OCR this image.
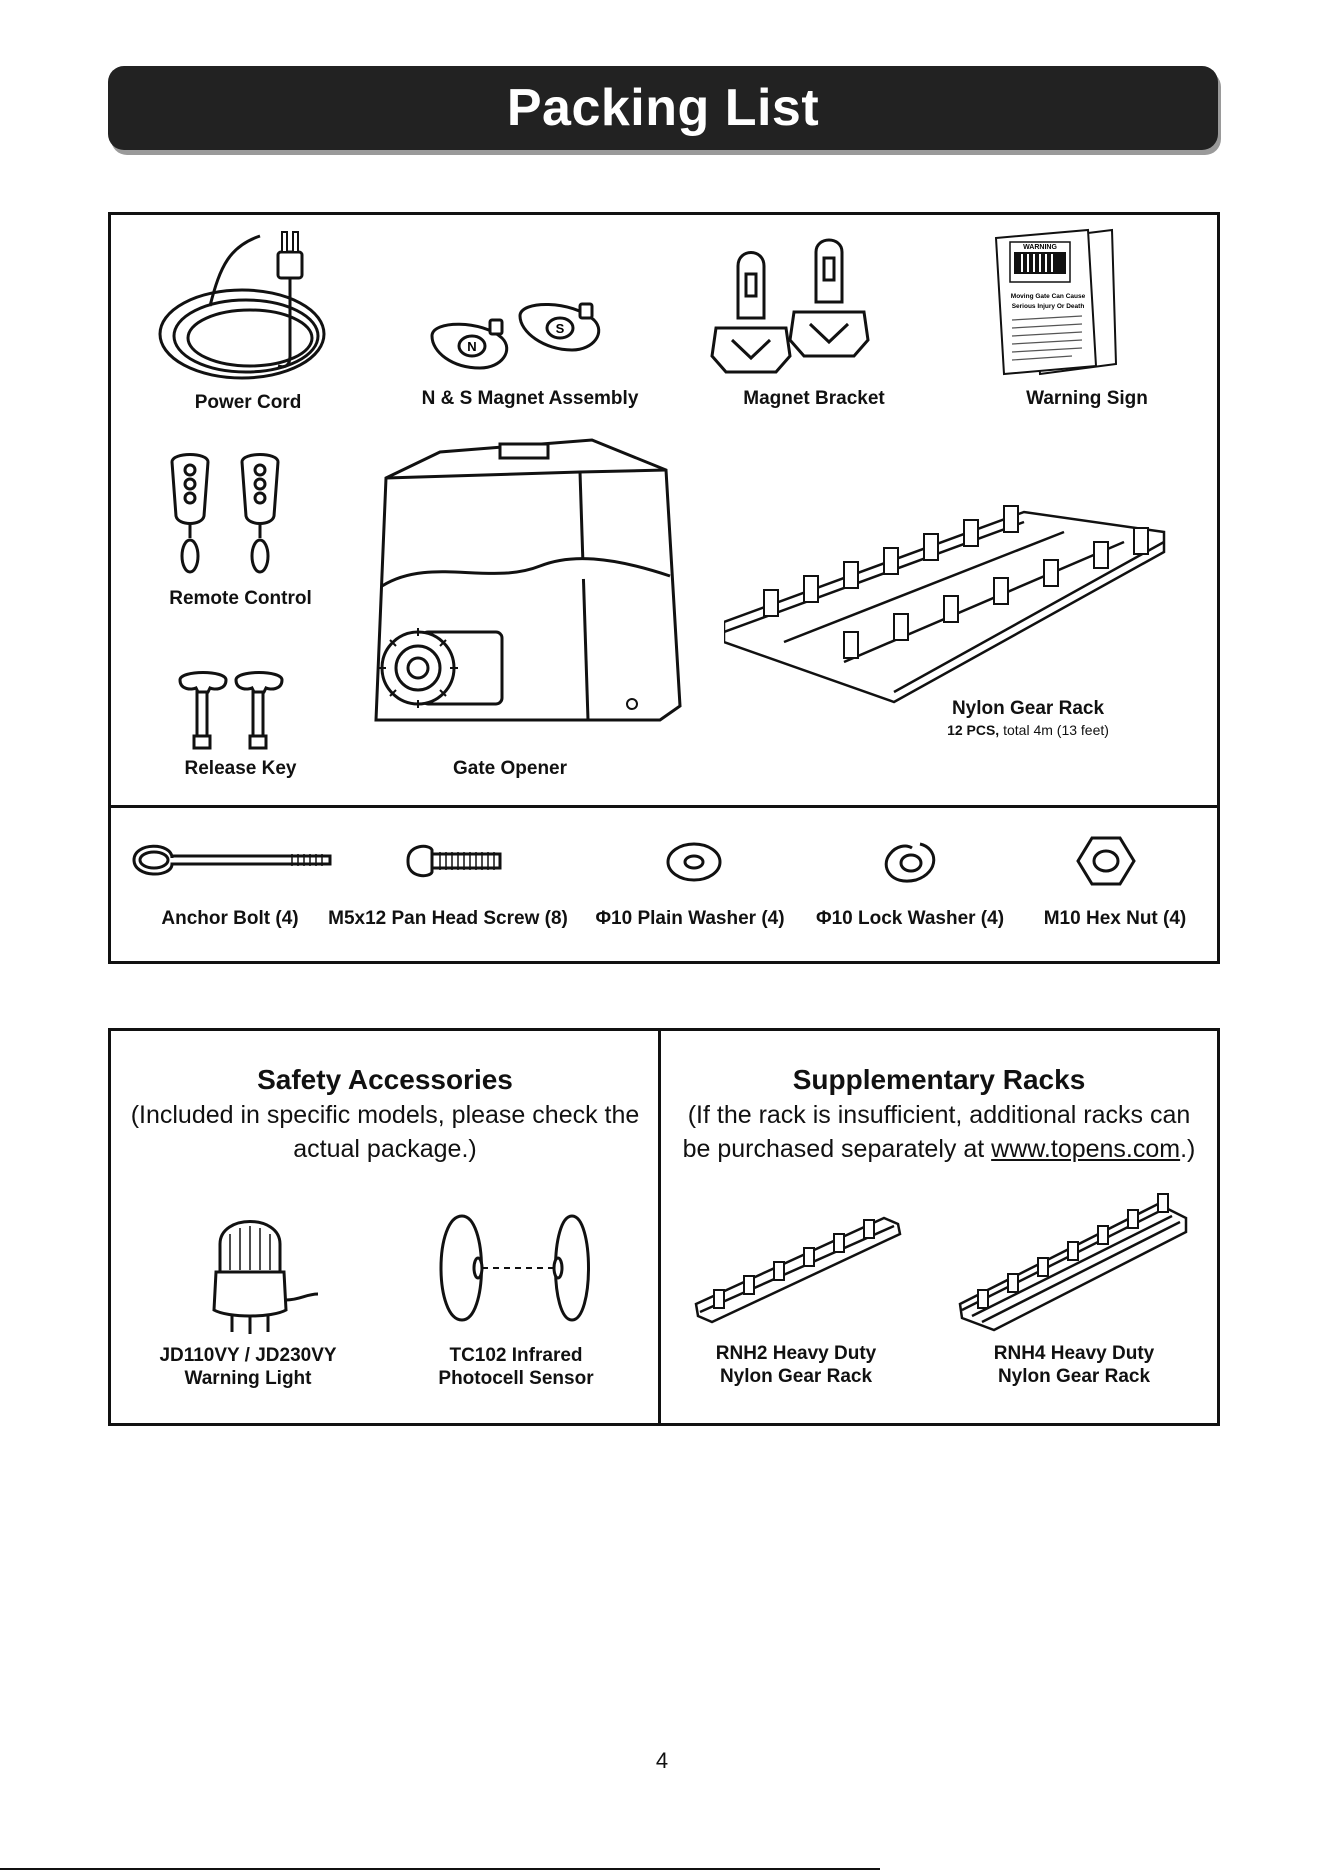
Packing List
Power Cord
N
S
N & S Magnet Assembly	Magnet Bracket
WARNING
Moving Gate Can Cause
Serious Injury Or Death
Warning Sign
Remote Control
Release Key	Gate Opener
Nylon Gear Rack
12 PCS, total 4m (13 feet)
Anchor Bolt (4)	M5x12 Pan Head Screw (8)	Φ10 Plain Washer (4)	Φ10 Lock Washer (4)	M10 Hex Nut (4)
Safety Accessories
(Included in specific models, please check the
actual package.)
JD110VY / JD230VY
Warning Light
TC102 Infrared
Photocell Sensor
Supplementary Racks
(If the rack is insufficient, additional racks can
be purchased separately at www.topens.com.)
RNH2 Heavy Duty
Nylon Gear Rack
RNH4 Heavy Duty
Nylon Gear Rack
4
